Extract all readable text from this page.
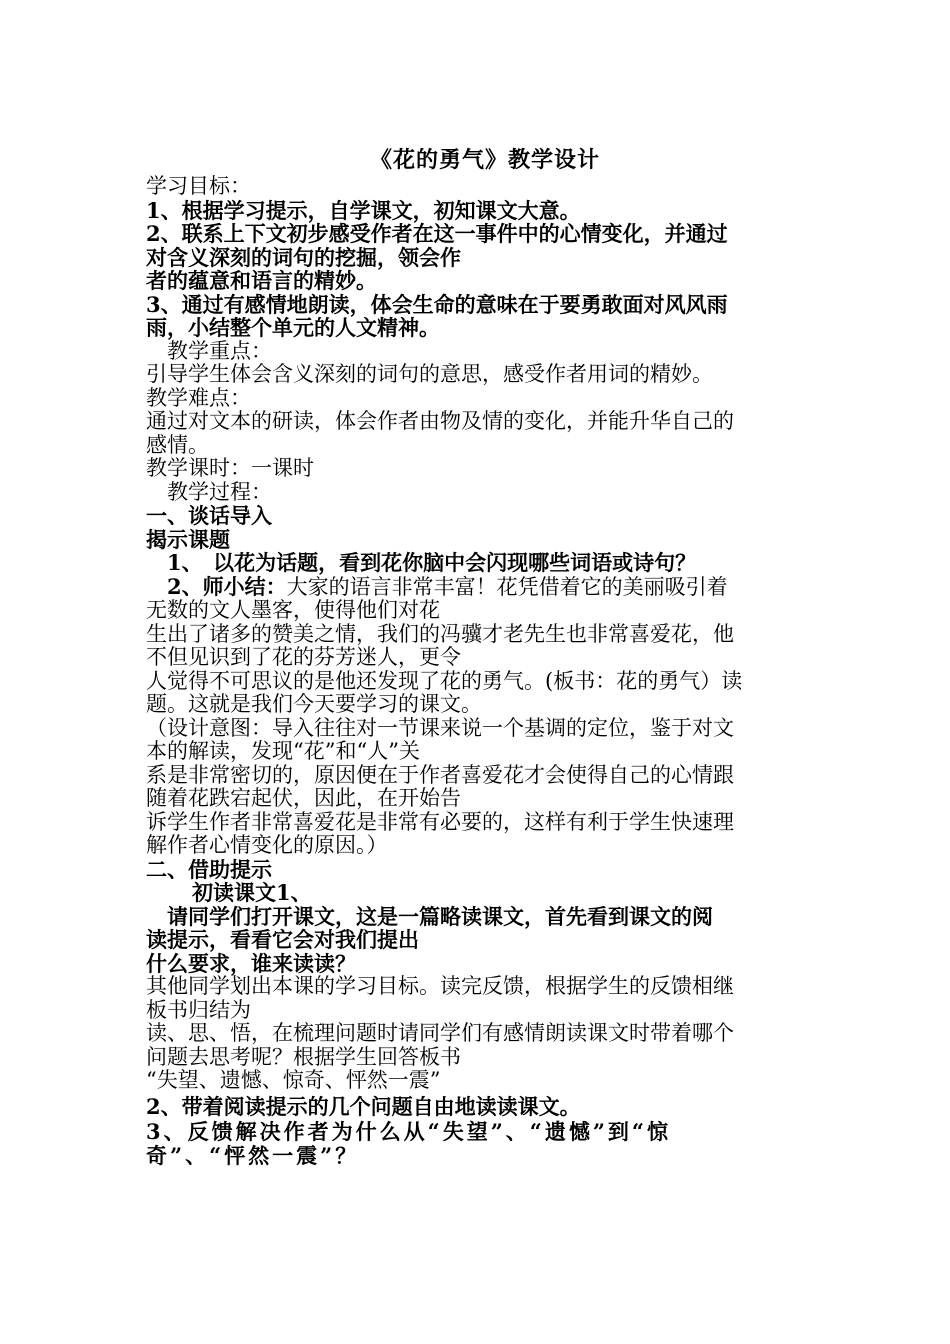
《花的勇气》教学设计

学习目标：

1、根据学习提示，自学课文，初知课文大意。

2、联系上下文初步感受作者在这一事件中的心情变化，并通过

对含义深刻的词句的挖掘，领会作

者的蕴意和语言的精妙。

3、通过有感情地朗读，体会生命的意味在于要勇敢面对风风雨

雨，小结整个单元的人文精神。

教学重点：

引导学生体会含义深刻的词句的意思，感受作者用词的精妙。

教学难点：

通过对文本的研读，体会作者由物及情的变化，并能升华自己的

感情。

教学课时：一课时

教学过程：

一、谈话导入

揭示课题

1、　以花为话题，看到花你脑中会闪现哪些词语或诗句？

2、师小结：大家的语言非常丰富！花凭借着它的美丽吸引着

无数的文人墨客，使得他们对花

生出了诸多的赞美之情，我们的冯骥才老先生也非常喜爱花，他

不但见识到了花的芬芳迷人，更令

人觉得不可思议的是他还发现了花的勇气。(板书：花的勇气）读

题。这就是我们今天要学习的课文。

（设计意图：导入往往对一节课来说一个基调的定位，鉴于对文

本的解读，发现“花”和“人”关

系是非常密切的，原因便在于作者喜爱花才会使得自己的心情跟

随着花跌宕起伏，因此，在开始告

诉学生作者非常喜爱花是非常有必要的，这样有利于学生快速理

解作者心情变化的原因。）

二、借助提示

初读课文1、

请同学们打开课文，这是一篇略读课文，首先看到课文的阅

读提示，看看它会对我们提出

什么要求，谁来读读？

其他同学划出本课的学习目标。读完反馈，根据学生的反馈相继

板书归结为

读、思、悟，在梳理问题时请同学们有感情朗读课文时带着哪个

问题去思考呢？根据学生回答板书

“失望、遗憾、惊奇、怦然一震”

2、带着阅读提示的几个问题自由地读读课文。

3、反馈解决作者为什么从“失望”、“遗憾”到“惊

奇”、“怦然一震”？
